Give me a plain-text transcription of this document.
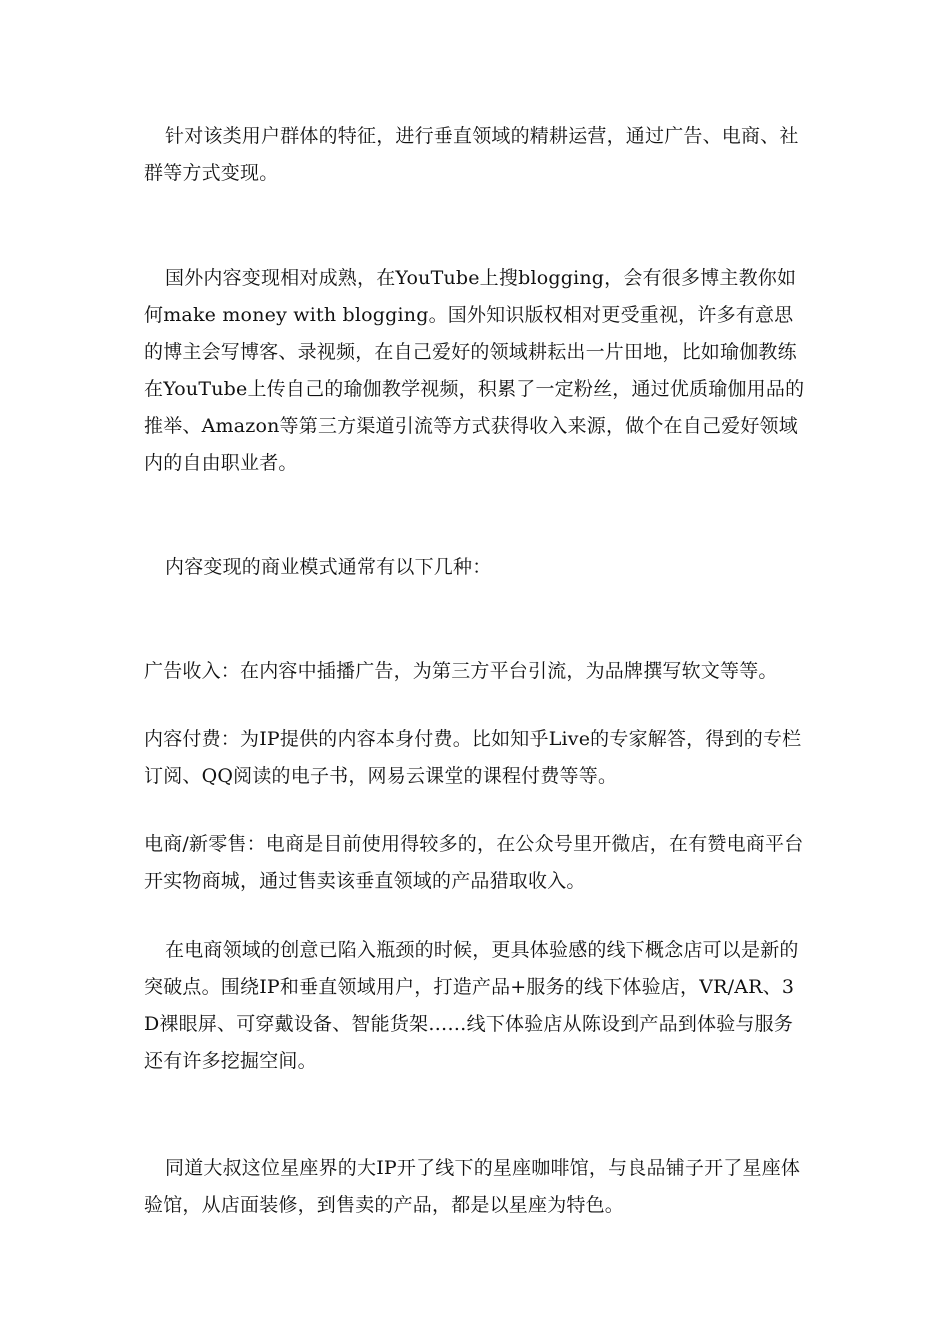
针对该类用户群体的特征，进行垂直领域的精耕运营，通过广告、电商、社群等方式变现。

国外内容变现相对成熟，在YouTube上搜blogging，会有很多博主教你如何make money with blogging。国外知识版权相对更受重视，许多有意思的博主会写博客、录视频，在自己爱好的领域耕耘出一片田地，比如瑜伽教练在YouTube上传自己的瑜伽教学视频，积累了一定粉丝，通过优质瑜伽用品的推举、Amazon等第三方渠道引流等方式获得收入来源，做个在自己爱好领域内的自由职业者。

内容变现的商业模式通常有以下几种：

广告收入：在内容中插播广告，为第三方平台引流，为品牌撰写软文等等。

内容付费：为IP提供的内容本身付费。比如知乎Live的专家解答，得到的专栏订阅、QQ阅读的电子书，网易云课堂的课程付费等等。

电商/新零售：电商是目前使用得较多的，在公众号里开微店，在有赞电商平台开实物商城，通过售卖该垂直领域的产品猎取收入。

在电商领域的创意已陷入瓶颈的时候，更具体验感的线下概念店可以是新的突破点。围绕IP和垂直领域用户，打造产品+服务的线下体验店，VR/AR、3D裸眼屏、可穿戴设备、智能货架……线下体验店从陈设到产品到体验与服务还有许多挖掘空间。

同道大叔这位星座界的大IP开了线下的星座咖啡馆，与良品铺子开了星座体验馆，从店面装修，到售卖的产品，都是以星座为特色。
